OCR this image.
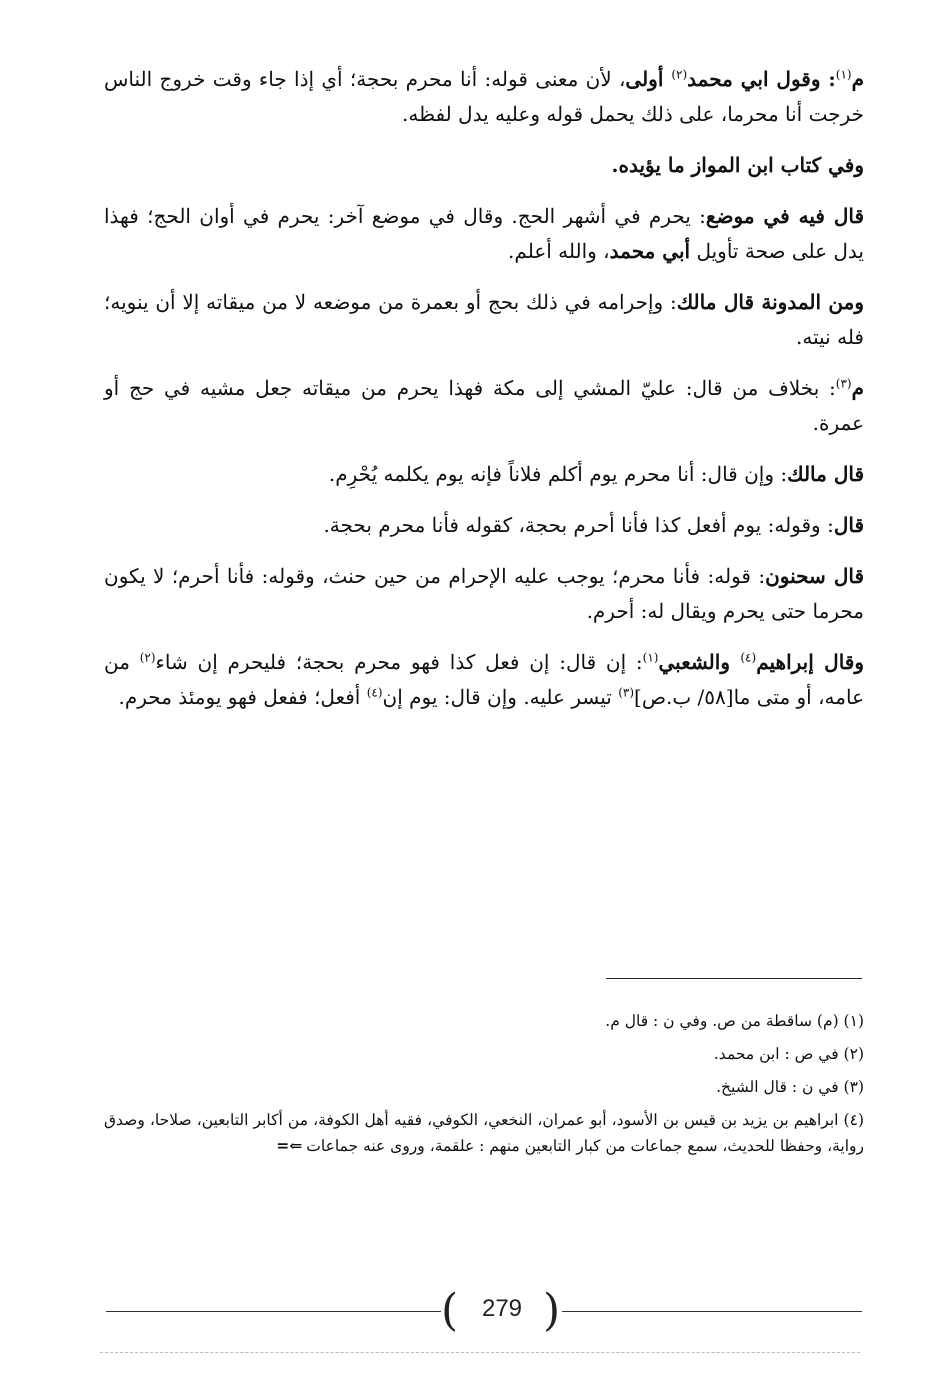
م$^{(١)}$: وقول ابي محمد$^{(٢)}$ أولى، لأن معنى قوله: أنا محرم بحجة؛ أي إذا جاء وقت خروج الناس خرجت أنا محرما، على ذلك يحمل قوله وعليه يدل لفظه.

وفي كتاب ابن المواز ما يؤيده.

قال فيه في موضع: يحرم في أشهر الحج. وقال في موضع آخر: يحرم في أوان الحج؛ فهذا يدل على صحة تأويل أبي محمد، والله أعلم.

ومن المدونة قال مالك: وإحرامه في ذلك بحج أو بعمرة من موضعه لا من ميقاته إلا أن ينويه؛ فله نيته.

م$^{(٣)}$: بخلاف من قال: عليّ المشي إلى مكة فهذا يحرم من ميقاته جعل مشيه في حج أو عمرة.

قال مالك: وإن قال: أنا محرم يوم أكلم فلاناً فإنه يوم يكلمه يُحْرِم.

قال: وقوله: يوم أفعل كذا فأنا أحرم بحجة، كقوله فأنا محرم بحجة.

قال سحنون: قوله: فأنا محرم؛ يوجب عليه الإحرام من حين حنث، وقوله: فأنا أحرم؛ لا يكون محرما حتى يحرم ويقال له: أحرم.

وقال إبراهيم$^{(٤)}$ والشعبي$^{(١)}$: إن قال: إن فعل كذا فهو محرم بحجة؛ فليحرم إن شاء$^{(٢)}$ من عامه، أو متى ما[٥٨/ ب.ص]$^{(٣)}$ تيسر عليه. وإن قال: يوم إن$^{(٤)}$ أفعل؛ ففعل فهو يومئذ محرم.

(١) (م) ساقطة من ص. وفي ن : قال م.

(٢) في ص : ابن محمد.

(٣) في ن : قال الشيخ.

(٤) ابراهيم بن يزيد بن قيس بن الأسود، أبو عمران، النخعي، الكوفي، فقيه أهل الكوفة، من أكابر التابعين، صلاحا، وصدق رواية، وحفظا للحديث، سمع جماعات من كبار التابعين منهم : علقمة، وروى عنه جماعات⇐=

( )
279
